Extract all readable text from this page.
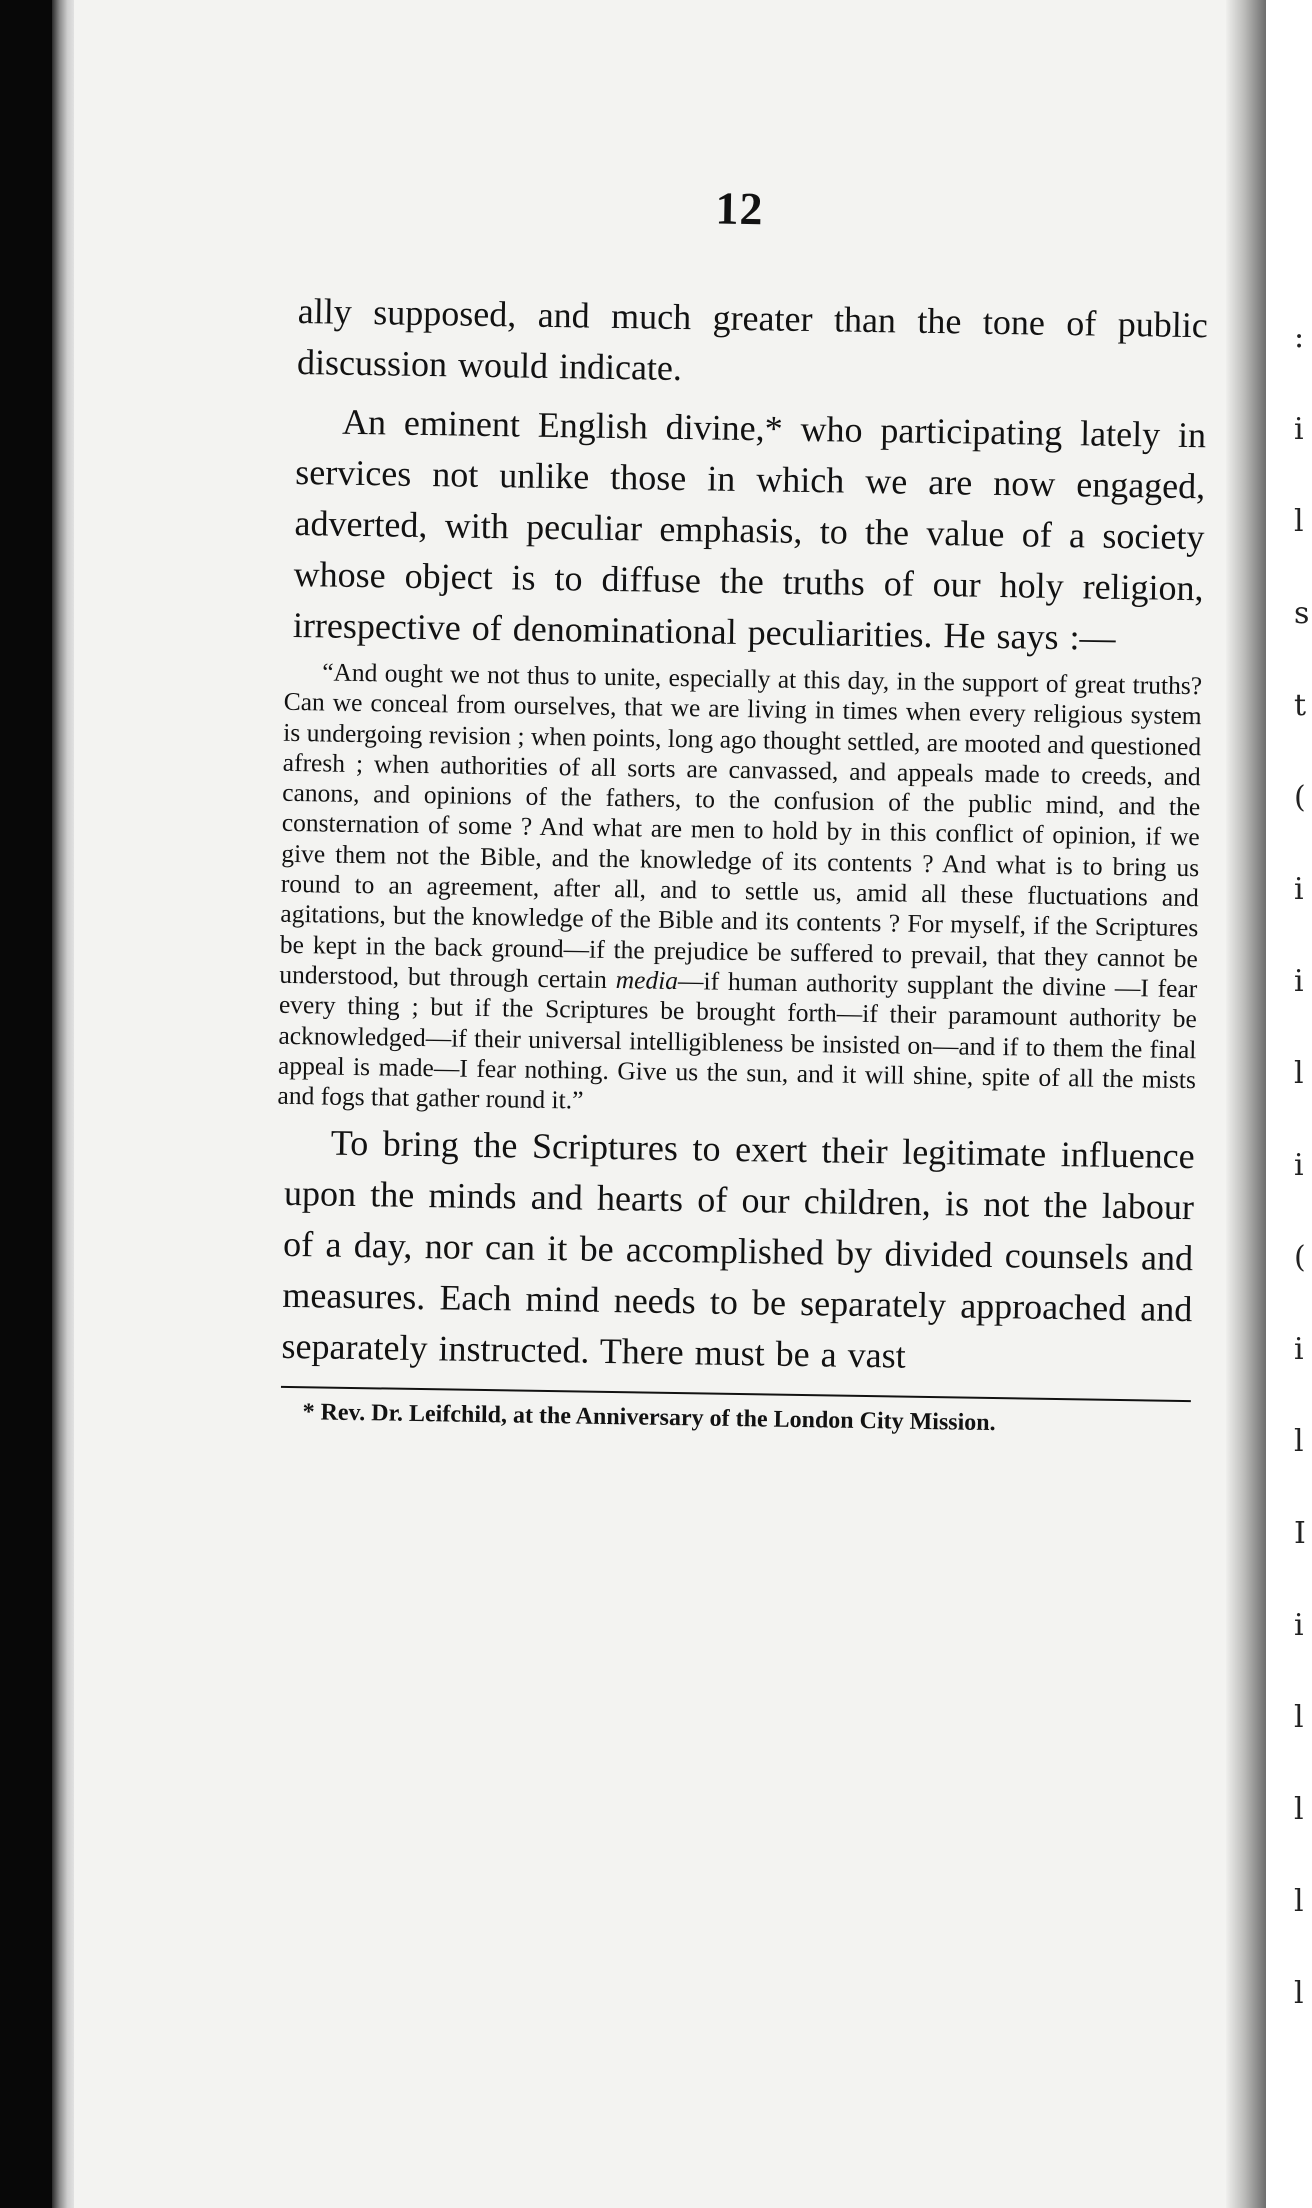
:
i
l
s
t
(
i
i
l
i
(
i
l
I
i
l
l
l
l
12

ally supposed, and much greater than the tone of public discussion would indicate.

An eminent English divine,* who participating lately in services not unlike those in which we are now engaged, adverted, with peculiar emphasis, to the value of a society whose object is to diffuse the truths of our holy religion, irrespective of denominational peculiarities. He says :—

“And ought we not thus to unite, especially at this day, in the support of great truths? Can we conceal from ourselves, that we are living in times when every religious system is undergoing revision ; when points, long ago thought settled, are mooted and questioned afresh ; when authorities of all sorts are canvassed, and appeals made to creeds, and canons, and opinions of the fathers, to the confusion of the public mind, and the consternation of some ? And what are men to hold by in this conflict of opinion, if we give them not the Bible, and the knowledge of its contents ? And what is to bring us round to an agreement, after all, and to settle us, amid all these fluctuations and agitations, but the knowledge of the Bible and its contents ? For myself, if the Scriptures be kept in the back ground—if the prejudice be suffered to prevail, that they cannot be understood, but through certain media—if human authority supplant the divine —I fear every thing ; but if the Scriptures be brought forth—if their paramount authority be acknowledged—if their universal intelligibleness be insisted on—and if to them the final appeal is made—I fear nothing. Give us the sun, and it will shine, spite of all the mists and fogs that gather round it.”

To bring the Scriptures to exert their legitimate influence upon the minds and hearts of our children, is not the labour of a day, nor can it be accomplished by divided counsels and measures. Each mind needs to be separately approached and separately instructed. There must be a vast

* Rev. Dr. Leifchild, at the Anniversary of the London City Mission.
